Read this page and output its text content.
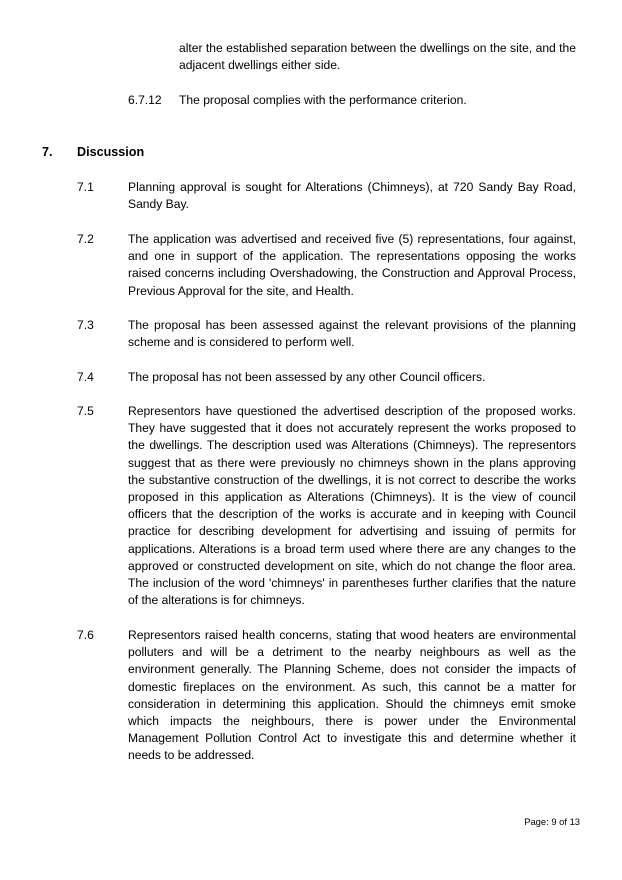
alter the established separation between the dwellings on the site, and the adjacent dwellings either side.
6.7.12 The proposal complies with the performance criterion.
7. Discussion
7.1	Planning approval is sought for Alterations (Chimneys), at 720 Sandy Bay Road, Sandy Bay.
7.2	The application was advertised and received five (5) representations, four against, and one in support of the application. The representations opposing the works raised concerns including Overshadowing, the Construction and Approval Process, Previous Approval for the site, and Health.
7.3	The proposal has been assessed against the relevant provisions of the planning scheme and is considered to perform well.
7.4	The proposal has not been assessed by any other Council officers.
7.5	Representors have questioned the advertised description of the proposed works. They have suggested that it does not accurately represent the works proposed to the dwellings. The description used was Alterations (Chimneys). The representors suggest that as there were previously no chimneys shown in the plans approving the substantive construction of the dwellings, it is not correct to describe the works proposed in this application as Alterations (Chimneys). It is the view of council officers that the description of the works is accurate and in keeping with Council practice for describing development for advertising and issuing of permits for applications. Alterations is a broad term used where there are any changes to the approved or constructed development on site, which do not change the floor area. The inclusion of the word 'chimneys' in parentheses further clarifies that the nature of the alterations is for chimneys.
7.6	Representors raised health concerns, stating that wood heaters are environmental polluters and will be a detriment to the nearby neighbours as well as the environment generally. The Planning Scheme, does not consider the impacts of domestic fireplaces on the environment. As such, this cannot be a matter for consideration in determining this application. Should the chimneys emit smoke which impacts the neighbours, there is power under the Environmental Management Pollution Control Act to investigate this and determine whether it needs to be addressed.
Page: 9 of 13
